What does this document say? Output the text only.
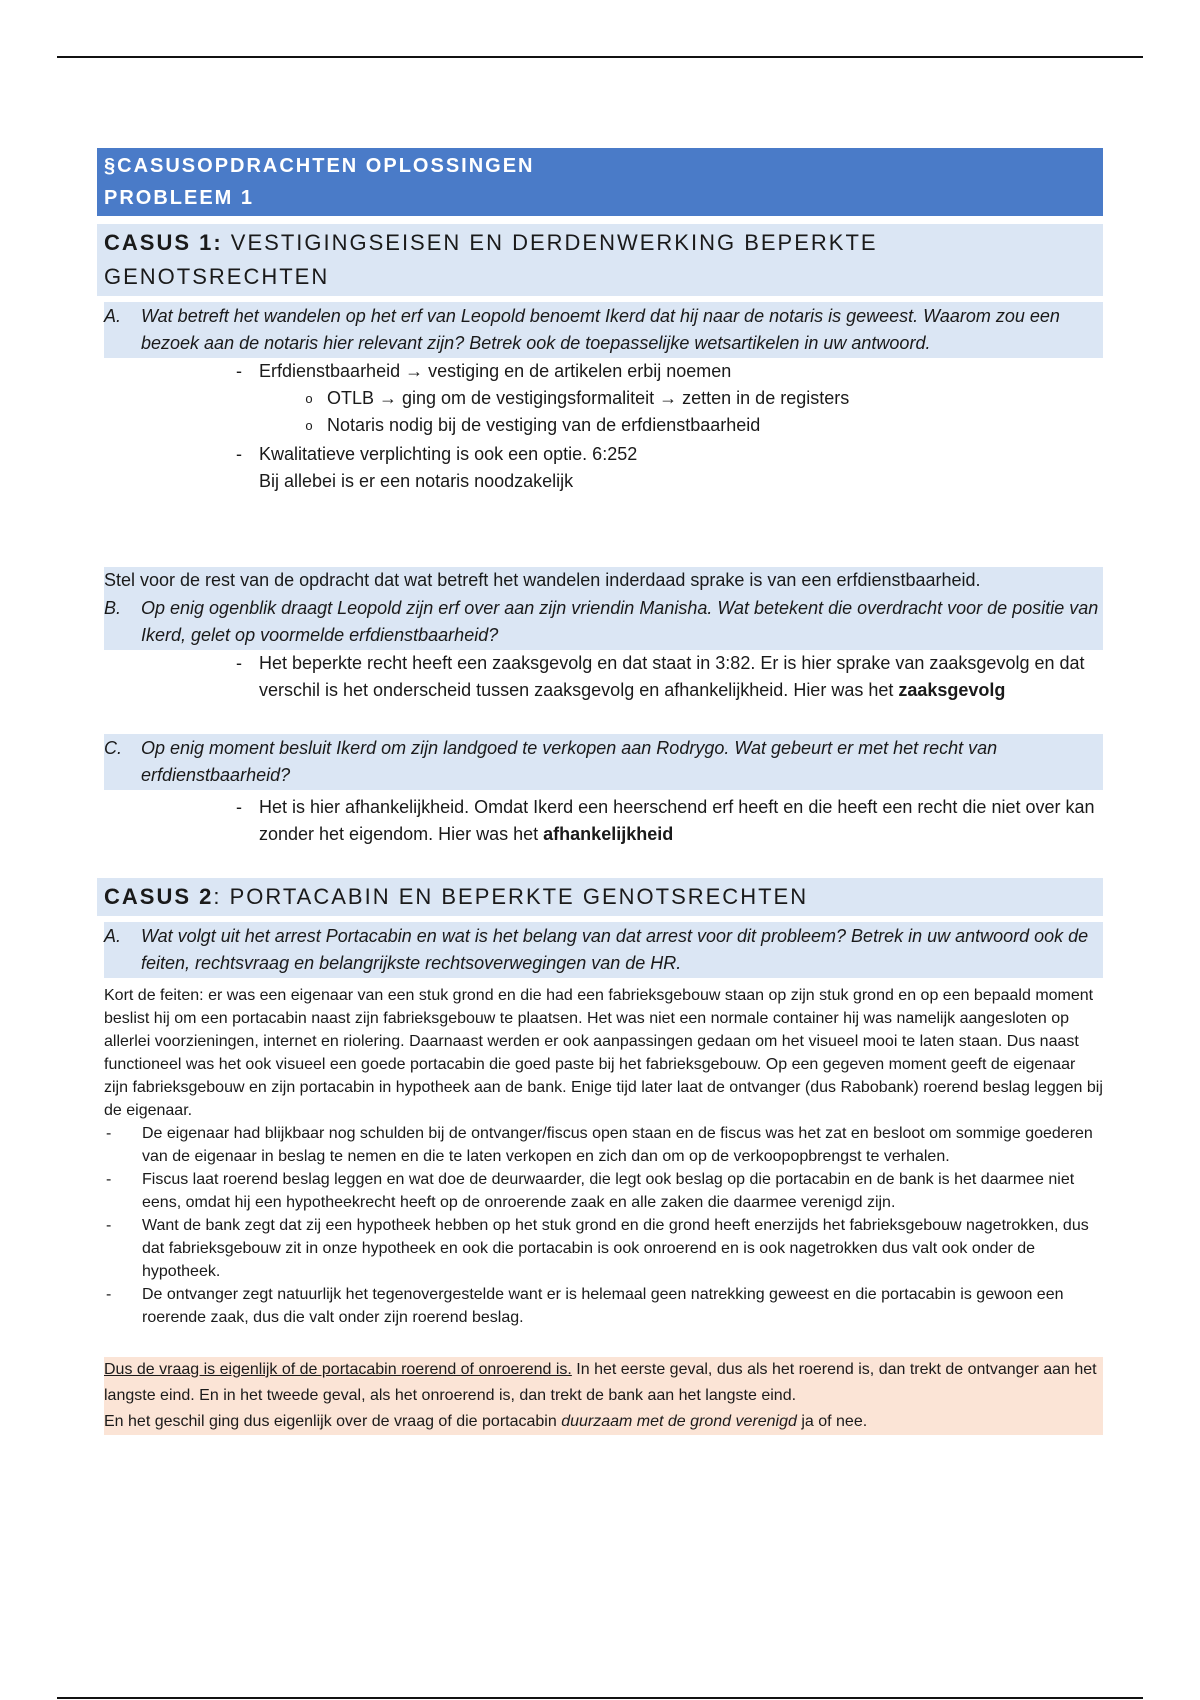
§CASUSOPDRACHTEN OPLOSSINGEN
PROBLEEM 1
CASUS 1: VESTIGINGSEISEN EN DERDENWERKING BEPERKTE GENOTSRECHTEN
A.	Wat betreft het wandelen op het erf van Leopold benoemt Ikerd dat hij naar de notaris is geweest. Waarom zou een bezoek aan de notaris hier relevant zijn? Betrek ook de toepasselijke wetsartikelen in uw antwoord.
- Erfdienstbaarheid → vestiging en de artikelen erbij noemen
o OTLB → ging om de vestigingsformaliteit → zetten in de registers
o Notaris nodig bij de vestiging van de erfdienstbaarheid
- Kwalitatieve verplichting is ook een optie. 6:252
Bij allebei is er een notaris noodzakelijk
Stel voor de rest van de opdracht dat wat betreft het wandelen inderdaad sprake is van een erfdienstbaarheid.
B.	Op enig ogenblik draagt Leopold zijn erf over aan zijn vriendin Manisha. Wat betekent die overdracht voor de positie van Ikerd, gelet op voormelde erfdienstbaarheid?
- Het beperkte recht heeft een zaaksgevolg en dat staat in 3:82. Er is hier sprake van zaaksgevolg en dat verschil is het onderscheid tussen zaaksgevolg en afhankelijkheid. Hier was het zaaksgevolg
C.	Op enig moment besluit Ikerd om zijn landgoed te verkopen aan Rodrygo. Wat gebeurt er met het recht van erfdienstbaarheid?
- Het is hier afhankelijkheid. Omdat Ikerd een heerschend erf heeft en die heeft een recht die niet over kan zonder het eigendom. Hier was het afhankelijkheid
CASUS 2: PORTACABIN EN BEPERKTE GENOTSRECHTEN
A.	Wat volgt uit het arrest Portacabin en wat is het belang van dat arrest voor dit probleem? Betrek in uw antwoord ook de feiten, rechtsvraag en belangrijkste rechtsoverwegingen van de HR.
Kort de feiten: er was een eigenaar van een stuk grond en die had een fabrieksgebouw staan op zijn stuk grond en op een bepaald moment beslist hij om een portacabin naast zijn fabrieksgebouw te plaatsen. Het was niet een normale container hij was namelijk aangesloten op allerlei voorzieningen, internet en riolering. Daarnaast werden er ook aanpassingen gedaan om het visueel mooi te laten staan. Dus naast functioneel was het ook visueel een goede portacabin die goed paste bij het fabrieksgebouw. Op een gegeven moment geeft de eigenaar zijn fabrieksgebouw en zijn portacabin in hypotheek aan de bank. Enige tijd later laat de ontvanger (dus Rabobank) roerend beslag leggen bij de eigenaar.
-	De eigenaar had blijkbaar nog schulden bij de ontvanger/fiscus open staan en de fiscus was het zat en besloot om sommige goederen van de eigenaar in beslag te nemen en die te laten verkopen en zich dan om op de verkoopopbrengst te verhalen.
-	Fiscus laat roerend beslag leggen en wat doe de deurwaarder, die legt ook beslag op die portacabin en de bank is het daarmee niet eens, omdat hij een hypotheekrecht heeft op de onroerende zaak en alle zaken die daarmee verenigd zijn.
-	Want de bank zegt dat zij een hypotheek hebben op het stuk grond en die grond heeft enerzijds het fabrieksgebouw nagetrokken, dus dat fabrieksgebouw zit in onze hypotheek en ook die portacabin is ook onroerend en is ook nagetrokken dus valt ook onder de hypotheek.
-	De ontvanger zegt natuurlijk het tegenovergestelde want er is helemaal geen natrekking geweest en die portacabin is gewoon een roerende zaak, dus die valt onder zijn roerend beslag.
Dus de vraag is eigenlijk of de portacabin roerend of onroerend is. In het eerste geval, dus als het roerend is, dan trekt de ontvanger aan het langste eind. En in het tweede geval, als het onroerend is, dan trekt de bank aan het langste eind.
En het geschil ging dus eigenlijk over de vraag of die portacabin duurzaam met de grond verenigd ja of nee.
